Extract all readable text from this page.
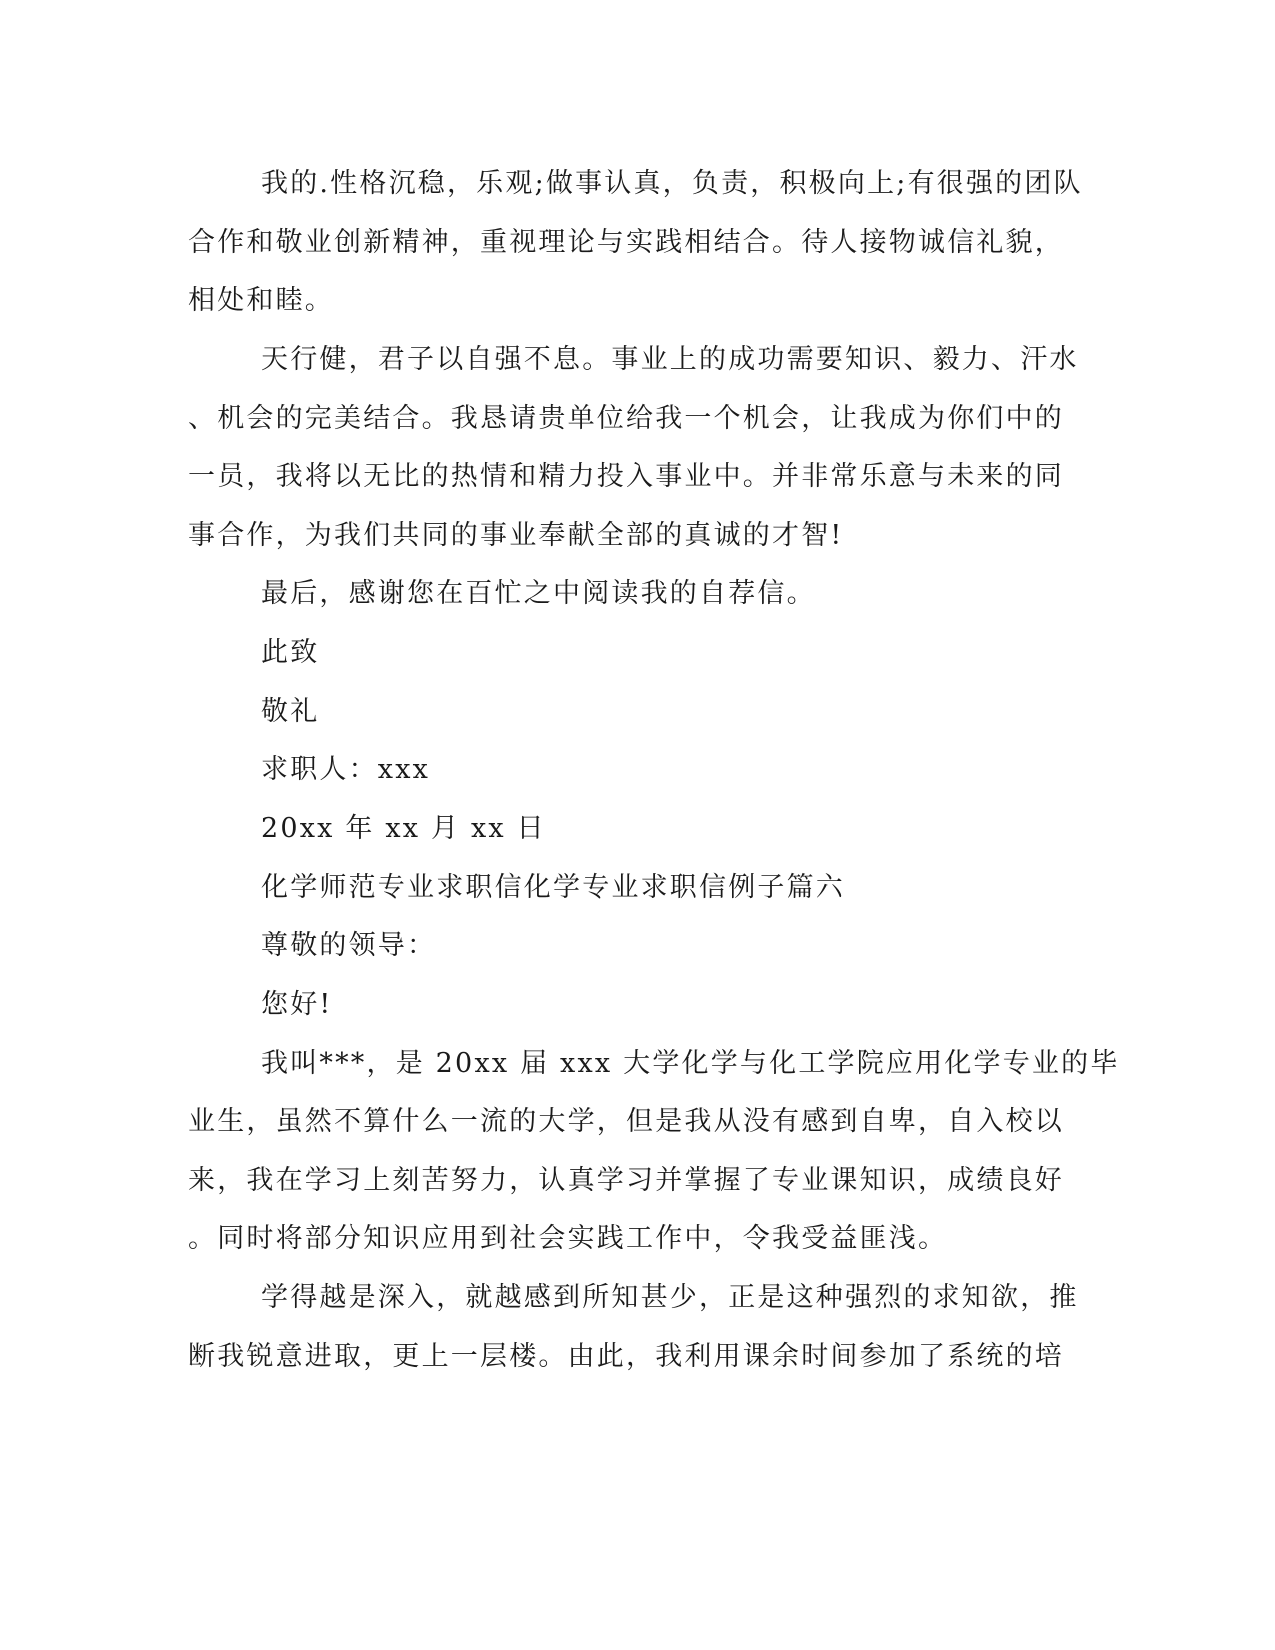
我的.性格沉稳，乐观;做事认真，负责，积极向上;有很强的团队
合作和敬业创新精神，重视理论与实践相结合。待人接物诚信礼貌，
相处和睦。
天行健，君子以自强不息。事业上的成功需要知识、毅力、汗水
、机会的完美结合。我恳请贵单位给我一个机会，让我成为你们中的
一员，我将以无比的热情和精力投入事业中。并非常乐意与未来的同
事合作，为我们共同的事业奉献全部的真诚的才智!
最后，感谢您在百忙之中阅读我的自荐信。
此致
敬礼
求职人：xxx
20xx 年 xx 月 xx 日
化学师范专业求职信化学专业求职信例子篇六
尊敬的领导：
您好!
我叫***，是 20xx 届 xxx 大学化学与化工学院应用化学专业的毕
业生，虽然不算什么一流的大学，但是我从没有感到自卑，自入校以
来，我在学习上刻苦努力，认真学习并掌握了专业课知识，成绩良好
。同时将部分知识应用到社会实践工作中，令我受益匪浅。
学得越是深入，就越感到所知甚少，正是这种强烈的求知欲，推
断我锐意进取，更上一层楼。由此，我利用课余时间参加了系统的培
